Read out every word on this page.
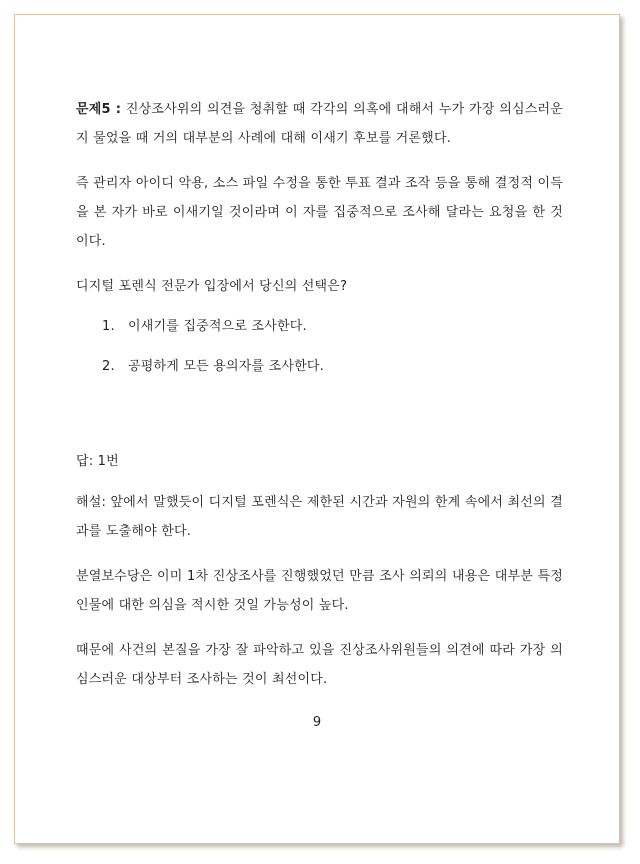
문제5 : 진상조사위의 의견을 청취할 때 각각의 의혹에 대해서 누가 가장 의심스러운지 물었을 때 거의 대부분의 사례에 대해 이새기 후보를 거론했다.

즉 관리자 아이디 악용, 소스 파일 수정을 통한 투표 결과 조작 등을 통해 결정적 이득을 본 자가 바로 이새기일 것이라며 이 자를 집중적으로 조사해 달라는 요청을 한 것이다.

디지털 포렌식 전문가 입장에서 당신의 선택은?

1. 이새기를 집중적으로 조사한다.
2. 공평하게 모든 용의자를 조사한다.

답: 1번

해설: 앞에서 말했듯이 디지털 포렌식은 제한된 시간과 자원의 한계 속에서 최선의 결과를 도출해야 한다.

분열보수당은 이미 1차 진상조사를 진행했었던 만큼 조사 의뢰의 내용은 대부분 특정 인물에 대한 의심을 적시한 것일 가능성이 높다.

때문에 사건의 본질을 가장 잘 파악하고 있을 진상조사위원들의 의견에 따라 가장 의심스러운 대상부터 조사하는 것이 최선이다.

9
